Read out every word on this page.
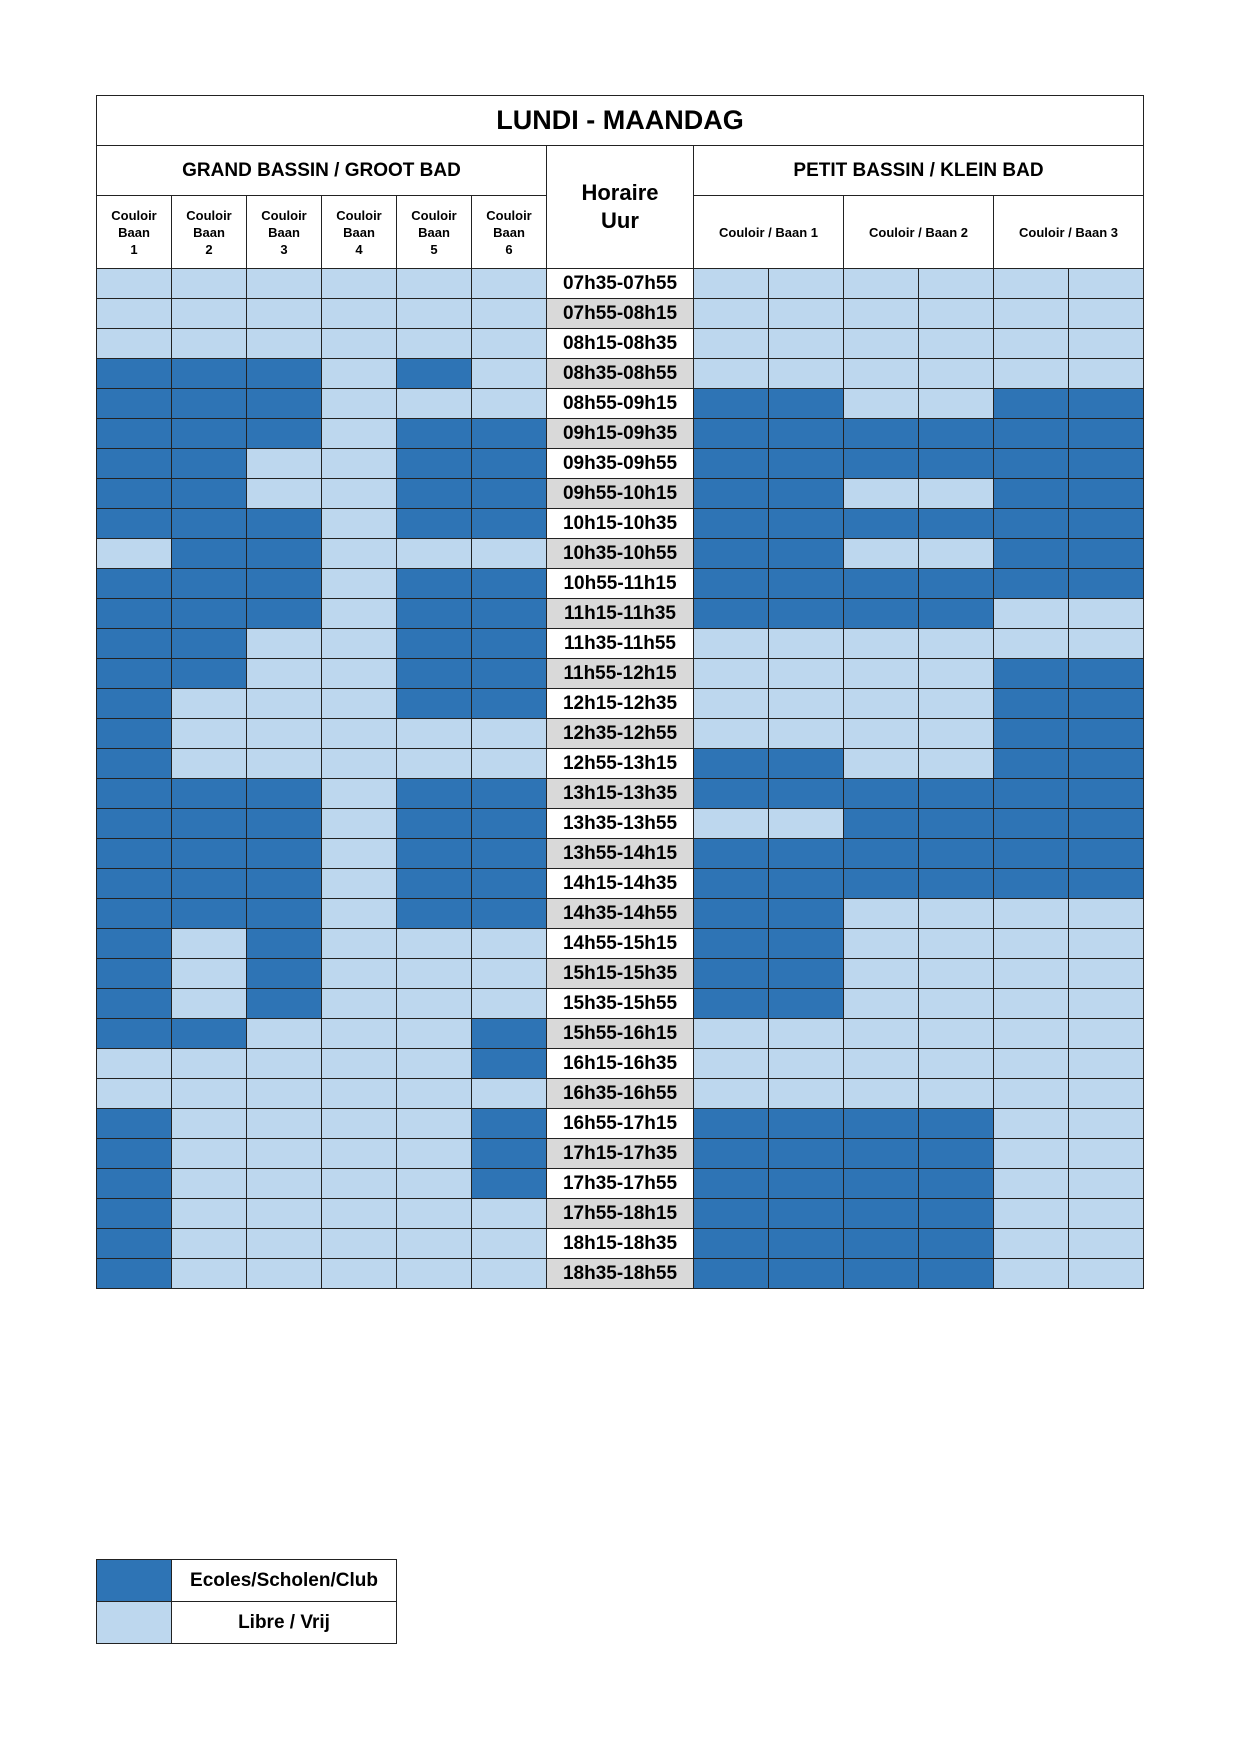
LUNDI - MAANDAG												
GRAND BASSIN / GROOT BAD						Horaire
Uur	PETIT BASSIN / KLEIN BAD					
Couloir
Baan
1	Couloir
Baan
2	Couloir
Baan
3	Couloir
Baan
4	Couloir
Baan
5	Couloir
Baan
6		Couloir / Baan 1		Couloir / Baan 2		Couloir / Baan 3	
						07h35-07h55						
						07h55-08h15						
						08h15-08h35						
						08h35-08h55						
						08h55-09h15						
						09h15-09h35						
						09h35-09h55						
						09h55-10h15						
						10h15-10h35						
						10h35-10h55						
						10h55-11h15						
						11h15-11h35						
						11h35-11h55						
						11h55-12h15						
						12h15-12h35						
						12h35-12h55						
						12h55-13h15						
						13h15-13h35						
						13h35-13h55						
						13h55-14h15						
						14h15-14h35						
						14h35-14h55						
						14h55-15h15						
						15h15-15h35						
						15h35-15h55						
						15h55-16h15						
						16h15-16h35						
						16h35-16h55						
						16h55-17h15						
						17h15-17h35						
						17h35-17h55						
						17h55-18h15						
						18h15-18h35						
						18h35-18h55						
	Ecoles/Scholen/Club
	Libre / Vrij
